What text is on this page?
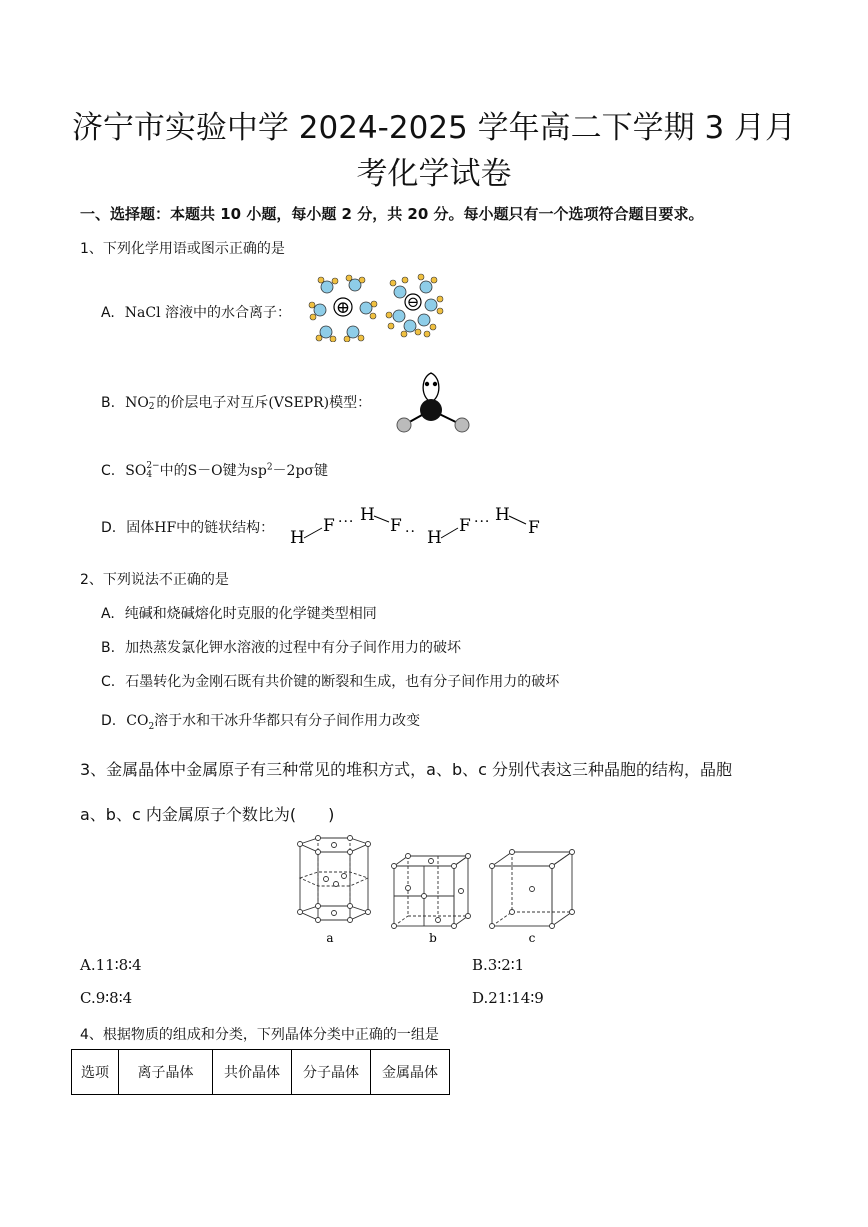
济宁市实验中学 2024-2025 学年高二下学期 3 月月
考化学试卷
一、选择题：本题共 10 小题，每小题 2 分，共 20 分。每小题只有一个选项符合题目要求。
1、下列化学用语或图示正确的是
A. NaCl 溶液中的水合离子：	⊕	⊖
B. NO −
2 的价层电子对互斥(VSEPR)模型：
C. SO 2−
4 中的S－O键为$sp^2-2p\sigma$键
D. 固体HF中的链状结构： H
F ··· H
F ·· H
F ··· H
F
2、下列说法不正确的是
A. 纯碱和烧碱熔化时克服的化学键类型相同
B. 加热蒸发氯化钾水溶液的过程中有分子间作用力的破坏
C. 石墨转化为金刚石既有共价键的断裂和生成，也有分子间作用力的破坏
D. $CO_2$溶于水和干冰升华都只有分子间作用力改变
3、金属晶体中金属原子有三种常见的堆积方式，a、b、c 分别代表这三种晶胞的结构，晶胞
a、b、c 内金属原子个数比为(　　)
a	b	c
A.11∶8∶4	B.3∶2∶1
C.9∶8∶4	D.21∶14∶9
4、根据物质的组成和分类，下列晶体分类中正确的一组是
选项	离子晶体	共价晶体	分子晶体	金属晶体
